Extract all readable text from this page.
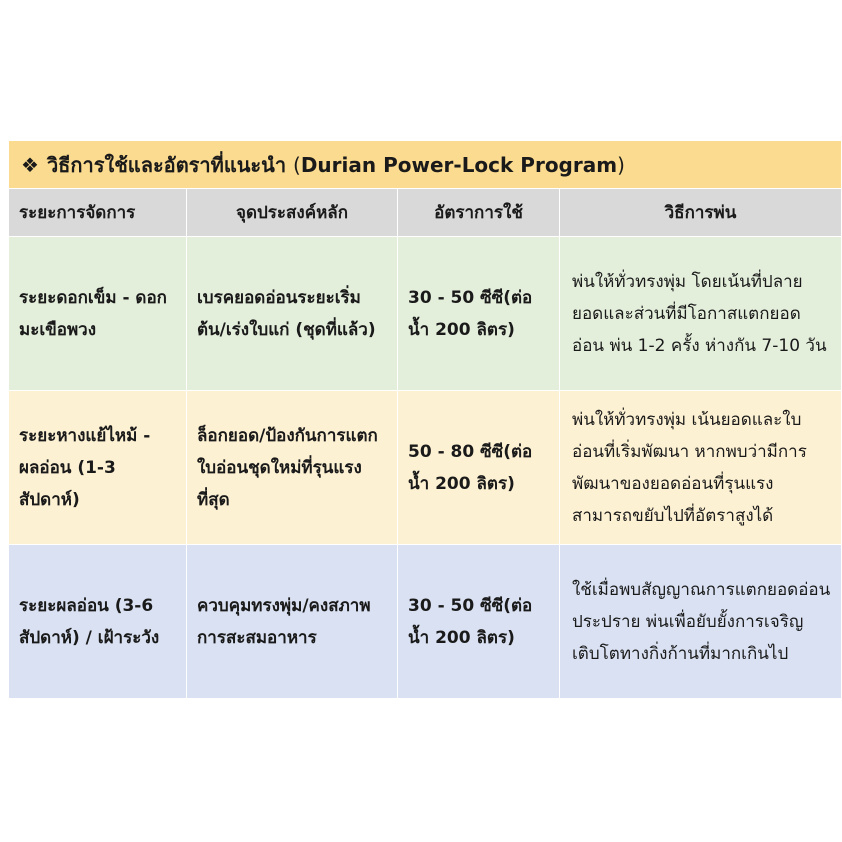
❖ วิธีการใช้และอัตราที่แนะนำ (Durian Power-Lock Program)			
ระยะการจัดการ	จุดประสงค์หลัก	อัตราการใช้	วิธีการพ่น
ระยะดอกเข็ม - ดอกมะเขือพวง	เบรคยอดอ่อนระยะเริ่มต้น/เร่งใบแก่ (ชุดที่แล้ว)	30 - 50 ซีซี(ต่อน้ำ 200 ลิตร)	พ่นให้ทั่วทรงพุ่ม โดยเน้นที่ปลายยอดและส่วนที่มีโอกาสแตกยอดอ่อน พ่น 1-2 ครั้ง ห่างกัน 7-10 วัน
ระยะหางแย้ไหม้ - ผลอ่อน (1-3 สัปดาห์)	ล็อกยอด/ป้องกันการแตกใบอ่อนชุดใหม่ที่รุนแรงที่สุด	50 - 80 ซีซี(ต่อน้ำ 200 ลิตร)	พ่นให้ทั่วทรงพุ่ม เน้นยอดและใบอ่อนที่เริ่มพัฒนา หากพบว่ามีการพัฒนาของยอดอ่อนที่รุนแรงสามารถขยับไปที่อัตราสูงได้
ระยะผลอ่อน (3-6 สัปดาห์) / เฝ้าระวัง	ควบคุมทรงพุ่ม/คงสภาพการสะสมอาหาร	30 - 50 ซีซี(ต่อน้ำ 200 ลิตร)	ใช้เมื่อพบสัญญาณการแตกยอดอ่อนประปราย พ่นเพื่อยับยั้งการเจริญเติบโตทางกิ่งก้านที่มากเกินไป
